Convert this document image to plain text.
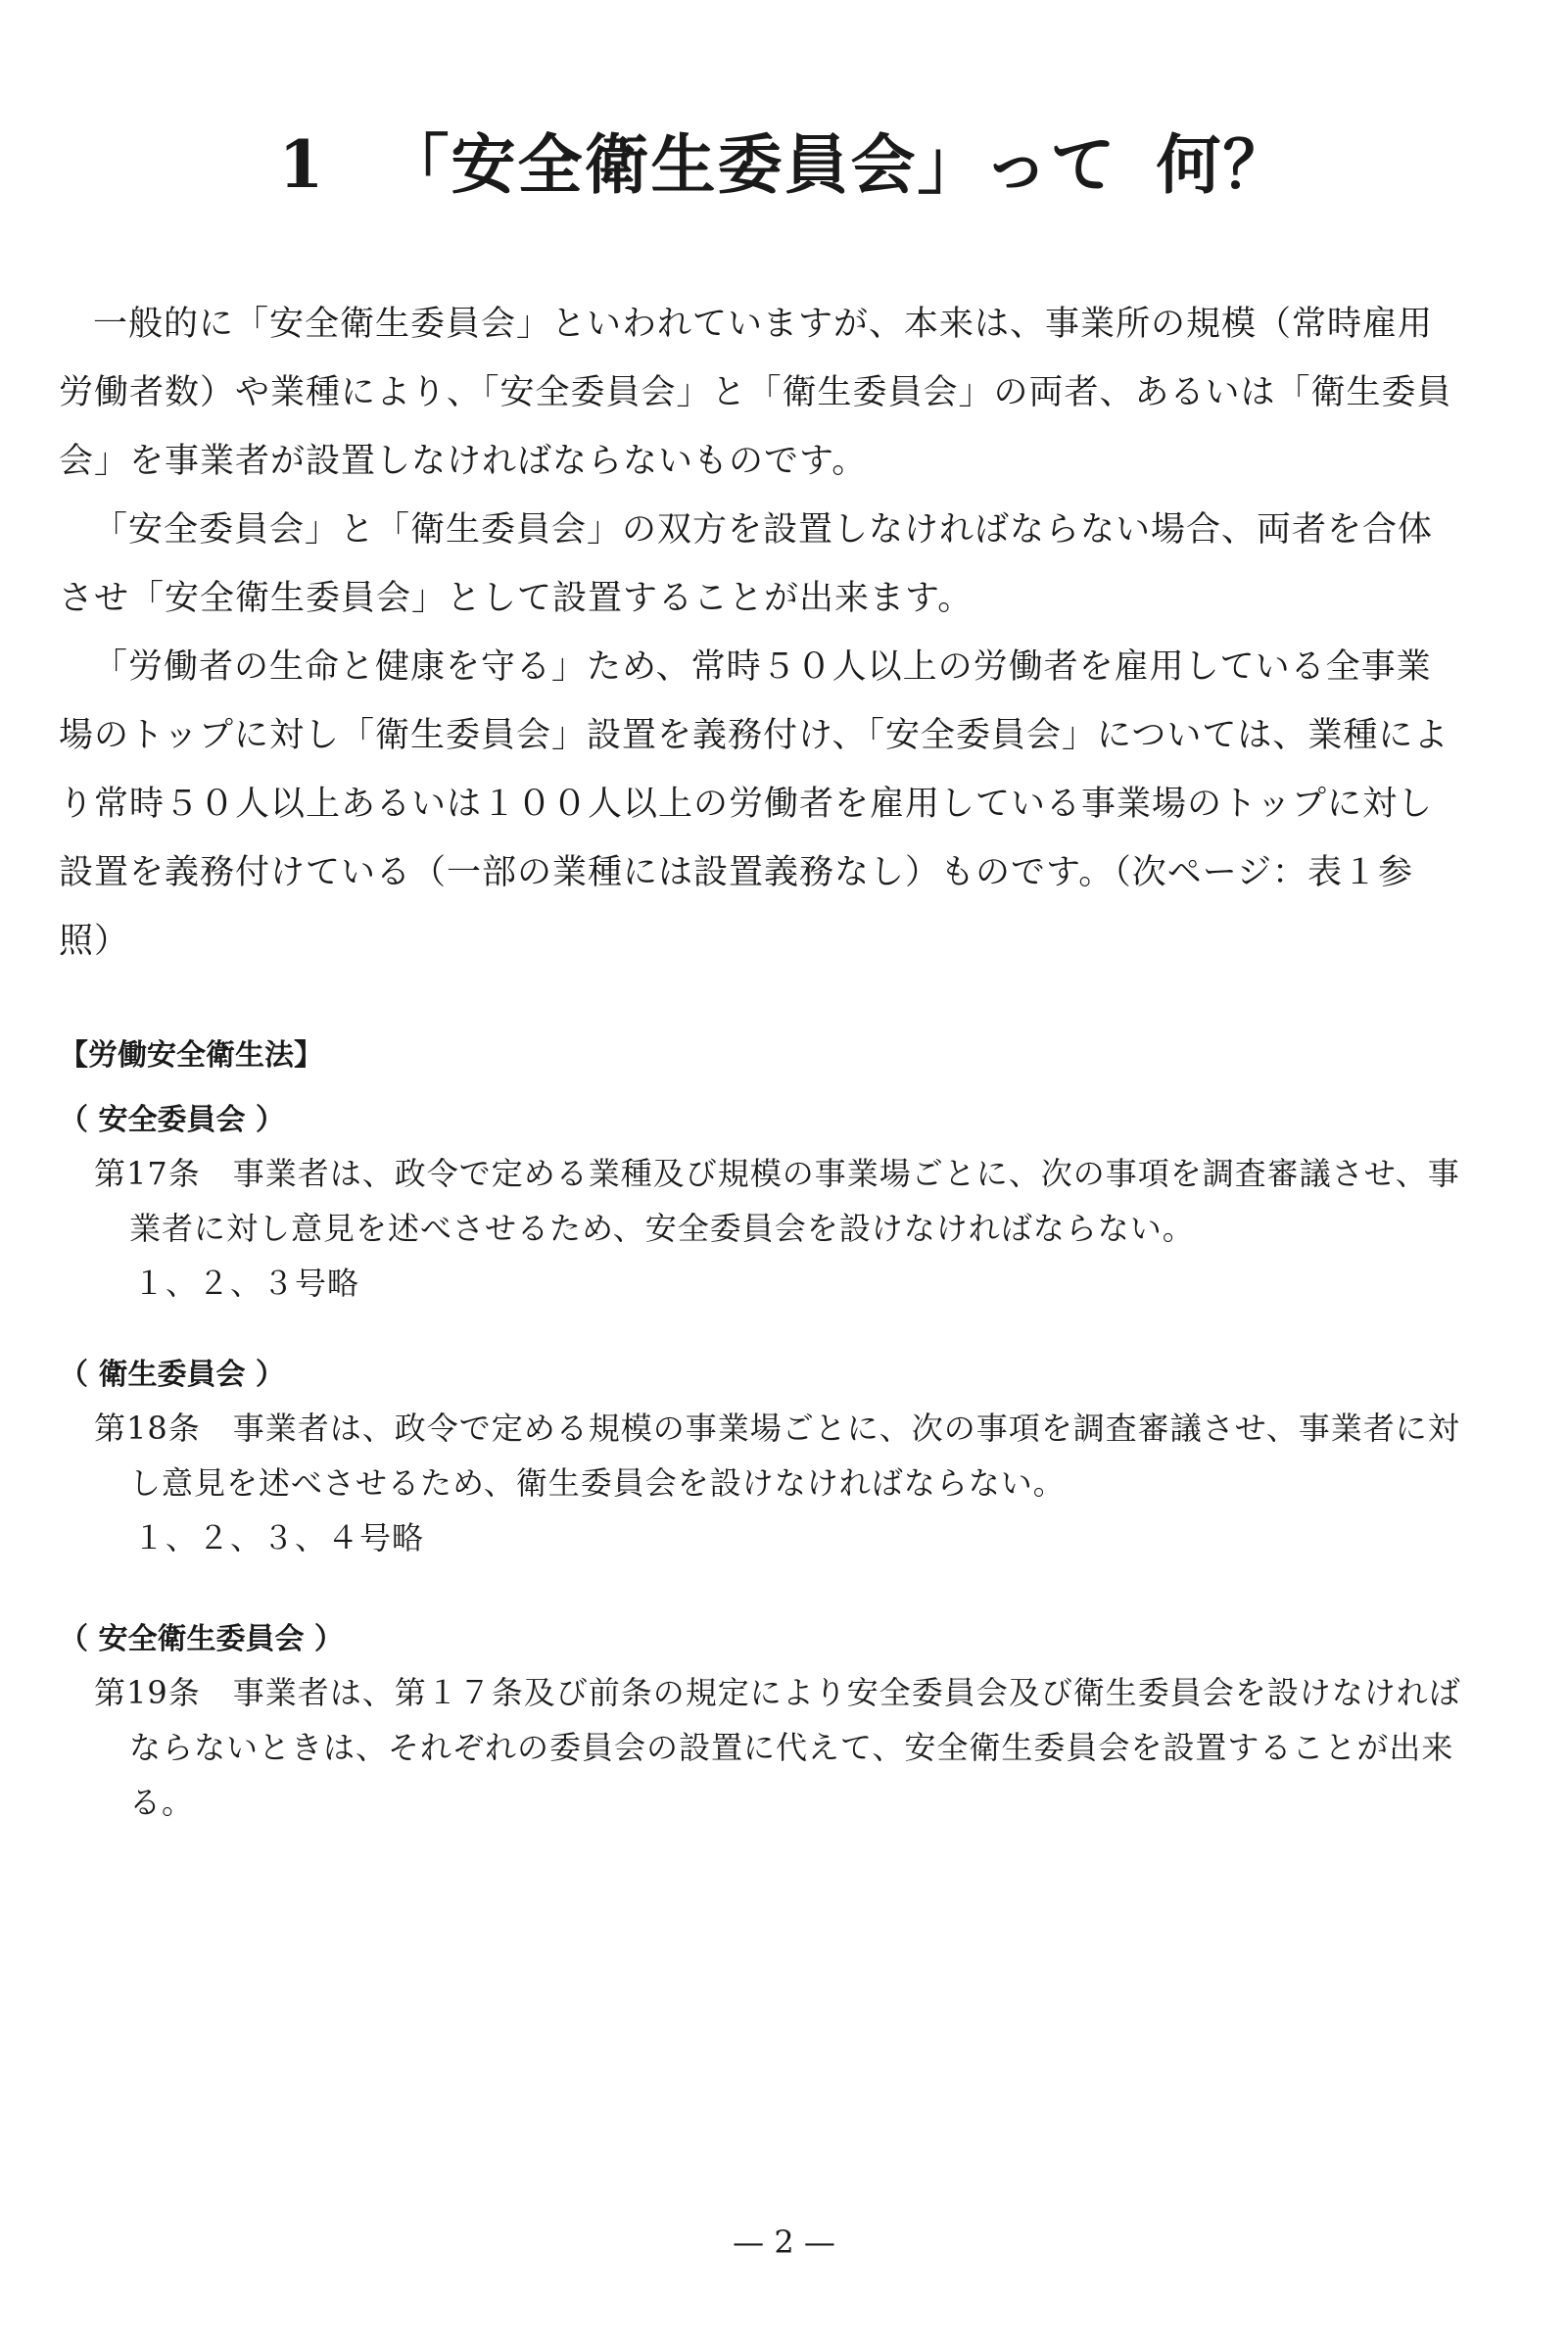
1 「安全衛生委員会」って 何？

一般的に「安全衛生委員会」といわれていますが、本来は、事業所の規模（常時雇用労働者数）や業種により、「安全委員会」と「衛生委員会」の両者、あるいは「衛生委員会」を事業者が設置しなければならないものです。

「安全委員会」と「衛生委員会」の双方を設置しなければならない場合、両者を合体させ「安全衛生委員会」として設置することが出来ます。

「労働者の生命と健康を守る」ため、常時５０人以上の労働者を雇用している全事業場のトップに対し「衛生委員会」設置を義務付け、「安全委員会」については、業種により常時５０人以上あるいは１００人以上の労働者を雇用している事業場のトップに対し設置を義務付けている（一部の業種には設置義務なし）ものです。（次ページ：表１参照）

【労働安全衛生法】

（ 安全委員会 ）

第17条　事業者は、政令で定める業種及び規模の事業場ごとに、次の事項を調査審議させ、事業者に対し意見を述べさせるため、安全委員会を設けなければならない。

１、２、３号略

（ 衛生委員会 ）

第18条　事業者は、政令で定める規模の事業場ごとに、次の事項を調査審議させ、事業者に対し意見を述べさせるため、衛生委員会を設けなければならない。

１、２、３、４号略

（ 安全衛生委員会 ）

第19条　事業者は、第１７条及び前条の規定により安全委員会及び衛生委員会を設けなければならないときは、それぞれの委員会の設置に代えて、安全衛生委員会を設置することが出来る。

— 2 —
